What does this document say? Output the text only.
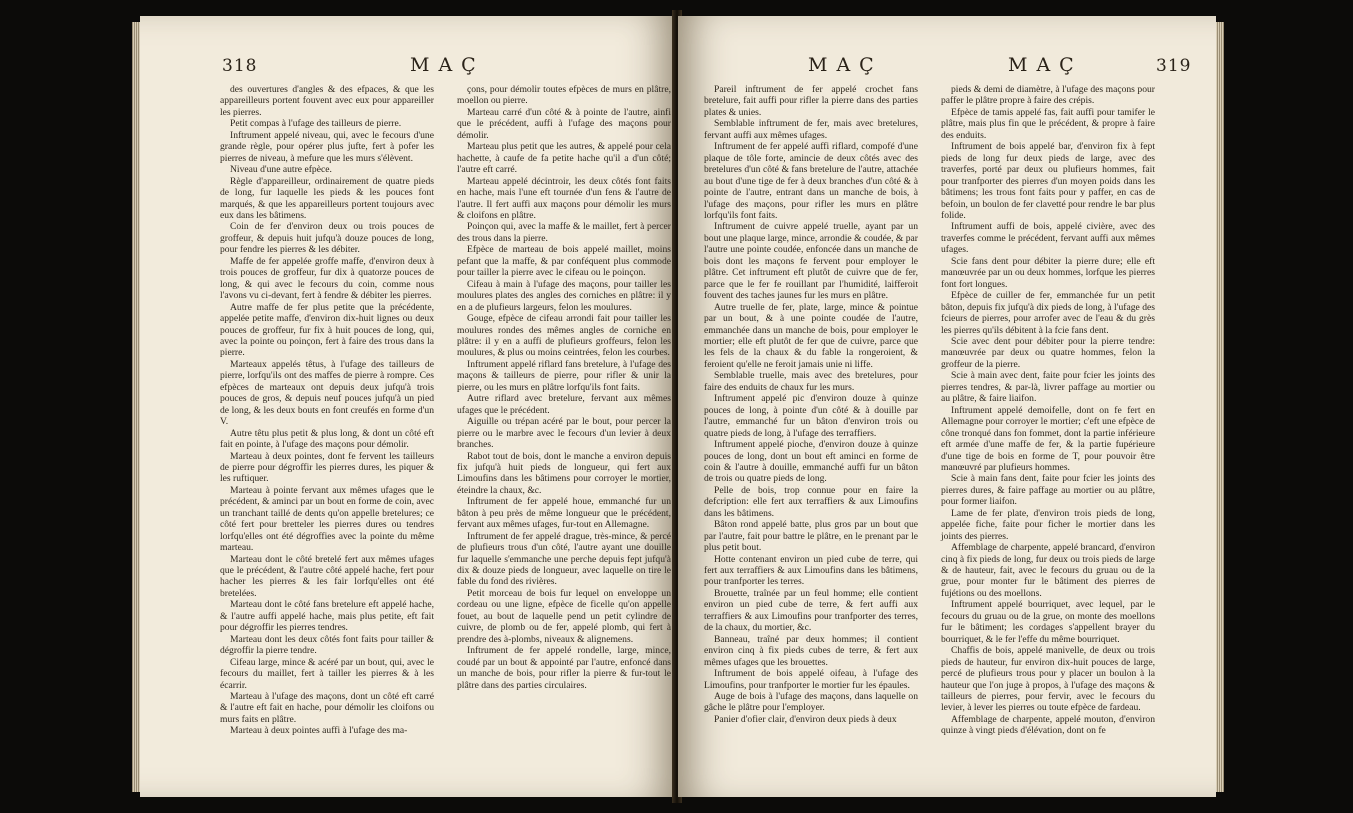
318	MAÇ

des ouvertures d'angles & des efpaces, & que les appareilleurs portent fouvent avec eux pour appareiller les pierres.

Petit compas à l'ufage des tailleurs de pierre.

Inftrument appelé niveau, qui, avec le fecours d'une grande règle, pour opérer plus jufte, fert à pofer les pierres de niveau, à mefure que les murs s'élèvent.

Niveau d'une autre efpèce.

Règle d'appareilleur, ordinairement de quatre pieds de long, fur laquelle les pieds & les pouces font marqués, & que les appareilleurs portent toujours avec eux dans les bâtimens.

Coin de fer d'environ deux ou trois pouces de groffeur, & depuis huit jufqu'à douze pouces de long, pour fendre les pierres & les débiter.

Maffe de fer appelée groffe maffe, d'environ deux à trois pouces de groffeur, fur dix à quatorze pouces de long, & qui avec le fecours du coin, comme nous l'avons vu ci-devant, fert à fendre & débiter les pierres.

Autre maffe de fer plus petite que la précédente, appelée petite maffe, d'environ dix-huit lignes ou deux pouces de groffeur, fur fix à huit pouces de long, qui, avec la pointe ou poinçon, fert à faire des trous dans la pierre.

Marteaux appelés têtus, à l'ufage des tailleurs de pierre, lorfqu'ils ont des maffes de pierre à rompre. Ces efpèces de marteaux ont depuis deux jufqu'à trois pouces de gros, & depuis neuf pouces jufqu'à un pied de long, & les deux bouts en font creufés en forme d'un V.

Autre têtu plus petit & plus long, & dont un côté eft fait en pointe, à l'ufage des maçons pour démolir.

Marteau à deux pointes, dont fe fervent les tailleurs de pierre pour dégroffir les pierres dures, les piquer & les ruftiquer.

Marteau à pointe fervant aux mêmes ufages que le précédent, & aminci par un bout en forme de coin, avec un tranchant taillé de dents qu'on appelle bretelures; ce côté fert pour bretteler les pierres dures ou tendres lorfqu'elles ont été dégroffies avec la pointe du même marteau.

Marteau dont le côté bretelé fert aux mêmes ufages que le précédent, & l'autre côté appelé hache, fert pour hacher les pierres & les fair lorfqu'elles ont été bretelées.

Marteau dont le côté fans bretelure eft appelé hache, & l'autre auffi appelé hache, mais plus petite, eft fait pour dégroffir les pierres tendres.

Marteau dont les deux côtés font faits pour tailler & dégroffir la pierre tendre.

Cifeau large, mince & acéré par un bout, qui, avec le fecours du maillet, fert à tailler les pierres & à les écarrir.

Marteau à l'ufage des maçons, dont un côté eft carré & l'autre eft fait en hache, pour démolir les cloifons ou murs faits en plâtre.

Marteau à deux pointes auffi à l'ufage des ma-

çons, pour démolir toutes efpèces de murs en plâtre, moellon ou pierre.

Marteau carré d'un côté & à pointe de l'autre, ainfi que le précédent, auffi à l'ufage des maçons pour démolir.

Marteau plus petit que les autres, & appelé pour cela hachette, à caufe de fa petite hache qu'il a d'un côté; l'autre eft carré.

Marteau appelé décintroir, les deux côtés font faits en hache, mais l'une eft tournée d'un fens & l'autre de l'autre. Il fert auffi aux maçons pour démolir les murs & cloifons en plâtre.

Poinçon qui, avec la maffe & le maillet, fert à percer des trous dans la pierre.

Efpèce de marteau de bois appelé maillet, moins pefant que la maffe, & par conféquent plus commode pour tailler la pierre avec le cifeau ou le poinçon.

Cifeau à main à l'ufage des maçons, pour tailler les moulures plates des angles des corniches en plâtre: il y en a de plufieurs largeurs, felon les moulures.

Gouge, efpèce de cifeau arrondi fait pour tailler les moulures rondes des mêmes angles de corniche en plâtre: il y en a auffi de plufieurs groffeurs, felon les moulures, & plus ou moins ceintrées, felon les courbes.

Inftrument appelé riflard fans bretelure, à l'ufage des maçons & tailleurs de pierre, pour rifler & unir la pierre, ou les murs en plâtre lorfqu'ils font faits.

Autre riflard avec bretelure, fervant aux mêmes ufages que le précédent.

Aiguille ou trépan acéré par le bout, pour percer la pierre ou le marbre avec le fecours d'un levier à deux branches.

Rabot tout de bois, dont le manche a environ depuis fix jufqu'à huit pieds de longueur, qui fert aux Limoufins dans les bâtimens pour corroyer le mortier, éteindre la chaux, &c.

Inftrument de fer appelé houe, emmanché fur un bâton à peu près de même longueur que le précédent, fervant aux mêmes ufages, fur-tout en Allemagne.

Inftrument de fer appelé drague, très-mince, & percé de plufieurs trous d'un côté, l'autre ayant une douille fur laquelle s'emmanche une perche depuis fept jufqu'à dix & douze pieds de longueur, avec laquelle on tire le fable du fond des rivières.

Petit morceau de bois fur lequel on enveloppe un cordeau ou une ligne, efpèce de ficelle qu'on appelle fouet, au bout de laquelle pend un petit cylindre de cuivre, de plomb ou de fer, appelé plomb, qui fert à prendre des à-plombs, niveaux & alignemens.

Inftrument de fer appelé rondelle, large, mince, coudé par un bout & appointé par l'autre, enfoncé dans un manche de bois, pour rifler la pierre & fur-tout le plâtre dans des parties circulaires.

MAÇ	MAÇ	319

Pareil inftrument de fer appelé crochet fans bretelure, fait auffi pour rifler la pierre dans des parties plates & unies.

Semblable inftrument de fer, mais avec bretelures, fervant auffi aux mêmes ufages.

Inftrument de fer appelé auffi riflard, compofé d'une plaque de tôle forte, amincie de deux côtés avec des bretelures d'un côté & fans bretelure de l'autre, attachée au bout d'une tige de fer à deux branches d'un côté & à pointe de l'autre, entrant dans un manche de bois, à l'ufage des maçons, pour rifler les murs en plâtre lorfqu'ils font faits.

Inftrument de cuivre appelé truelle, ayant par un bout une plaque large, mince, arrondie & coudée, & par l'autre une pointe coudée, enfoncée dans un manche de bois dont les maçons fe fervent pour employer le plâtre. Cet inftrument eft plutôt de cuivre que de fer, parce que le fer fe rouillant par l'humidité, laifferoit fouvent des taches jaunes fur les murs en plâtre.

Autre truelle de fer, plate, large, mince & pointue par un bout, & à une pointe coudée de l'autre, emmanchée dans un manche de bois, pour employer le mortier; elle eft plutôt de fer que de cuivre, parce que les fels de la chaux & du fable la rongeroient, & feroient qu'elle ne feroit jamais unie ni liffe.

Semblable truelle, mais avec des bretelures, pour faire des enduits de chaux fur les murs.

Inftrument appelé pic d'environ douze à quinze pouces de long, à pointe d'un côté & à douille par l'autre, emmanché fur un bâton d'environ trois ou quatre pieds de long, à l'ufage des terraffiers.

Inftrument appelé pioche, d'environ douze à quinze pouces de long, dont un bout eft aminci en forme de coin & l'autre à douille, emmanché auffi fur un bâton de trois ou quatre pieds de long.

Pelle de bois, trop connue pour en faire la defcription: elle fert aux terraffiers & aux Limoufins dans les bâtimens.

Bâton rond appelé batte, plus gros par un bout que par l'autre, fait pour battre le plâtre, en le prenant par le plus petit bout.

Hotte contenant environ un pied cube de terre, qui fert aux terraffiers & aux Limoufins dans les bâtimens, pour tranfporter les terres.

Brouette, traînée par un feul homme; elle contient environ un pied cube de terre, & fert auffi aux terraffiers & aux Limoufins pour tranfporter des terres, de la chaux, du mortier, &c.

Banneau, traîné par deux hommes; il contient environ cinq à fix pieds cubes de terre, & fert aux mêmes ufages que les brouettes.

Inftrument de bois appelé oifeau, à l'ufage des Limoufins, pour tranfporter le mortier fur les épaules.

Auge de bois à l'ufage des maçons, dans laquelle on gâche le plâtre pour l'employer.

Panier d'ofier clair, d'environ deux pieds à deux

pieds & demi de diamètre, à l'ufage des maçons pour paffer le plâtre propre à faire des crépis.

Efpèce de tamis appelé fas, fait auffi pour tamifer le plâtre, mais plus fin que le précédent, & propre à faire des enduits.

Inftrument de bois appelé bar, d'environ fix à fept pieds de long fur deux pieds de large, avec des traverfes, porté par deux ou plufieurs hommes, fait pour tranfporter des pierres d'un moyen poids dans les bâtimens; les trous font faits pour y paffer, en cas de befoin, un boulon de fer clavetté pour rendre le bar plus folide.

Inftrument auffi de bois, appelé civière, avec des traverfes comme le précédent, fervant auffi aux mêmes ufages.

Scie fans dent pour débiter la pierre dure; elle eft manœuvrée par un ou deux hommes, lorfque les pierres font fort longues.

Efpèce de cuiller de fer, emmanchée fur un petit bâton, depuis fix jufqu'à dix pieds de long, à l'ufage des fcieurs de pierres, pour arrofer avec de l'eau & du grès les pierres qu'ils débitent à la fcie fans dent.

Scie avec dent pour débiter pour la pierre tendre: manœuvrée par deux ou quatre hommes, felon la groffeur de la pierre.

Scie à main avec dent, faite pour fcier les joints des pierres tendres, & par-là, livrer paffage au mortier ou au plâtre, & faire liaifon.

Inftrument appelé demoifelle, dont on fe fert en Allemagne pour corroyer le mortier; c'eft une efpèce de cône tronqué dans fon fommet, dont la partie inférieure eft armée d'une maffe de fer, & la partie fupérieure d'une tige de bois en forme de T, pour pouvoir être manœuvré par plufieurs hommes.

Scie à main fans dent, faite pour fcier les joints des pierres dures, & faire paffage au mortier ou au plâtre, pour former liaifon.

Lame de fer plate, d'environ trois pieds de long, appelée fiche, faite pour ficher le mortier dans les joints des pierres.

Affemblage de charpente, appelé brancard, d'environ cinq à fix pieds de long, fur deux ou trois pieds de large & de hauteur, fait, avec le fecours du gruau ou de la grue, pour monter fur le bâtiment des pierres de fujétions ou des moellons.

Inftrument appelé bourriquet, avec lequel, par le fecours du gruau ou de la grue, on monte des moellons fur le bâtiment; les cordages s'appellent brayer du bourriquet, & le fer l'effe du même bourriquet.

Chaffis de bois, appelé manivelle, de deux ou trois pieds de hauteur, fur environ dix-huit pouces de large, percé de plufieurs trous pour y placer un boulon à la hauteur que l'on juge à propos, à l'ufage des maçons & tailleurs de pierres, pour fervir, avec le fecours du levier, à lever les pierres ou toute efpèce de fardeau.

Affemblage de charpente, appelé mouton, d'environ quinze à vingt pieds d'élévation, dont on fe
